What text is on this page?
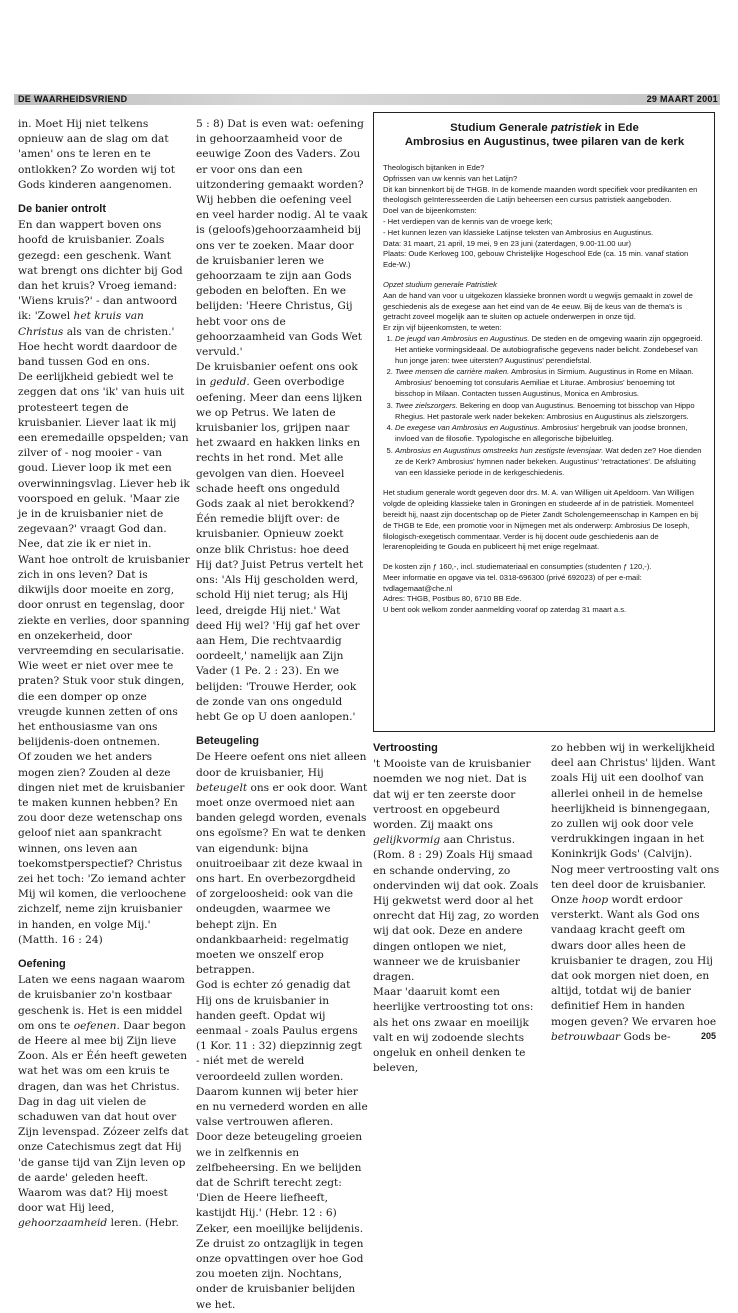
DE WAARHEIDSVRIEND	29 MAART 2001

in. Moet Hij niet telkens opnieuw aan de slag om dat 'amen' ons te leren en te ontlokken? Zo worden wij tot Gods kinderen aangenomen.

De banier ontrolt

En dan wappert boven ons hoofd de kruisbanier. Zoals gezegd: een geschenk. Want wat brengt ons dichter bij God dan het kruis? Vroeg iemand: 'Wiens kruis?' - dan antwoord ik: 'Zowel het kruis van Christus als van de christen.' Hoe hecht wordt daardoor de band tussen God en ons.

De eerlijkheid gebiedt wel te zeggen dat ons 'ik' van huis uit protesteert tegen de kruisbanier. Liever laat ik mij een eremedaille opspelden; van zilver of - nog mooier - van goud. Liever loop ik met een overwinningsvlag. Liever heb ik voorspoed en geluk. 'Maar zie je in de kruisbanier niet de zegevaan?' vraagt God dan. Nee, dat zie ik er niet in.

Want hoe ontrolt de kruisbanier zich in ons leven? Dat is dikwijls door moeite en zorg, door onrust en tegenslag, door ziekte en verlies, door spanning en onzekerheid, door vervreemding en secularisatie. Wie weet er niet over mee te praten? Stuk voor stuk dingen, die een domper op onze vreugde kunnen zetten of ons het enthousiasme van ons belijdenis-doen ontnemen.

Of zouden we het anders mogen zien? Zouden al deze dingen niet met de kruisbanier te maken kunnen hebben? En zou door deze wetenschap ons geloof niet aan spankracht winnen, ons leven aan toekomstperspectief? Christus zei het toch: 'Zo iemand achter Mij wil komen, die verloochene zichzelf, neme zijn kruisbanier in handen, en volge Mij.' (Matth. 16 : 24)

Oefening

Laten we eens nagaan waarom de kruisbanier zo'n kostbaar geschenk is. Het is een middel om ons te oefenen. Daar begon de Heere al mee bij Zijn lieve Zoon. Als er Één heeft geweten wat het was om een kruis te dragen, dan was het Christus. Dag in dag uit vielen de schaduwen van dat hout over Zijn levenspad. Zózeer zelfs dat onze Catechismus zegt dat Hij 'de ganse tijd van Zijn leven op de aarde' geleden heeft.

Waarom was dat? Hij moest door wat Hij leed, gehoorzaamheid leren. (Hebr.

5 : 8) Dat is even wat: oefening in gehoorzaamheid voor de eeuwige Zoon des Vaders. Zou er voor ons dan een uitzondering gemaakt worden? Wij hebben die oefening veel en veel harder nodig. Al te vaak is (geloofs)gehoorzaamheid bij ons ver te zoeken. Maar door de kruisbanier leren we gehoorzaam te zijn aan Gods geboden en beloften. En we belijden: 'Heere Christus, Gij hebt voor ons de gehoorzaamheid van Gods Wet vervuld.'

De kruisbanier oefent ons ook in geduld. Geen overbodige oefening. Meer dan eens lijken we op Petrus. We laten de kruisbanier los, grijpen naar het zwaard en hakken links en rechts in het rond. Met alle gevolgen van dien. Hoeveel schade heeft ons ongeduld Gods zaak al niet berokkend? Één remedie blijft over: de kruisbanier. Opnieuw zoekt onze blik Christus: hoe deed Hij dat? Juist Petrus vertelt het ons: 'Als Hij gescholden werd, schold Hij niet terug; als Hij leed, dreigde Hij niet.' Wat deed Hij wel? 'Hij gaf het over aan Hem, Die rechtvaardig oordeelt,' namelijk aan Zijn Vader (1 Pe. 2 : 23). En we belijden: 'Trouwe Herder, ook de zonde van ons ongeduld hebt Ge op U doen aanlopen.'

Beteugeling

De Heere oefent ons niet alleen door de kruisbanier, Hij beteugelt ons er ook door. Want moet onze overmoed niet aan banden gelegd worden, evenals ons egoïsme? En wat te denken van eigendunk: bijna onuitroeibaar zit deze kwaal in ons hart. En overbezorgdheid of zorgeloosheid: ook van die ondeugden, waarmee we behept zijn. En ondankbaarheid: regelmatig moeten we onszelf erop betrappen.

God is echter zó genadig dat Hij ons de kruisbanier in handen geeft. Opdat wij eenmaal - zoals Paulus ergens (1 Kor. 11 : 32) diepzinnig zegt - niét met de wereld veroordeeld zullen worden. Daarom kunnen wij beter hier en nu vernederd worden en alle valse vertrouwen afleren.

Door deze beteugeling groeien we in zelfkennis en zelfbeheersing. En we belijden dat de Schrift terecht zegt: 'Dien de Heere liefheeft, kastijdt Hij.' (Hebr. 12 : 6) Zeker, een moeilijke belijdenis. Ze druist zo ontzaglijk in tegen onze opvattingen over hoe God zou moeten zijn. Nochtans, onder de kruisbanier belijden we het.

Studium Generale patristiek in Ede
Ambrosius en Augustinus, twee pilaren van de kerk

Theologisch bijtanken in Ede?

Opfrissen van uw kennis van het Latijn?

Dit kan binnenkort bij de THGB. In de komende maanden wordt specifiek voor predikanten en theologisch geïnteresseerden die Latijn beheersen een cursus patristiek aangeboden.

Doel van de bijeenkomsten:

- Het verdiepen van de kennis van de vroege kerk;

- Het kunnen lezen van klassieke Latijnse teksten van Ambrosius en Augustinus.

Data: 31 maart, 21 april, 19 mei, 9 en 23 juni (zaterdagen, 9.00-11.00 uur)

Plaats: Oude Kerkweg 100, gebouw Christelijke Hogeschool Ede (ca. 15 min. vanaf station Ede-W.)

Opzet studium generale Patristiek

Aan de hand van voor u uitgekozen klassieke bronnen wordt u wegwijs gemaakt in zowel de geschiedenis als de exegese aan het eind van de 4e eeuw. Bij de keus van de thema's is getracht zoveel mogelijk aan te sluiten op actuele onderwerpen in onze tijd.

Er zijn vijf bijeenkomsten, te weten:

1. De jeugd van Ambrosius en Augustinus. De steden en de omgeving waarin zijn opgegroeid. Het antieke vormingsideaal. De autobiografische gegevens nader belicht. Zondebesef van hun jonge jaren: twee uitersten? Augustinus' perendiefstal.
2. Twee mensen die carrière maken. Ambrosius in Sirmium. Augustinus in Rome en Milaan. Ambrosius' benoeming tot consularis Aemiliae et Liturae. Ambrosius' benoeming tot bisschop in Milaan. Contacten tussen Augustinus, Monica en Ambrosius.
3. Twee zielszorgers. Bekering en doop van Augustinus. Benoeming tot bisschop van Hippo Rhegius. Het pastorale werk nader bekeken: Ambrosius en Augustinus als zielszorgers.
4. De exegese van Ambrosius en Augustinus. Ambrosius' hergebruik van joodse bronnen, invloed van de filosofie. Typologische en allegorische bijbeluitleg.
5. Ambrosius en Augustinus omstreeks hun zestigste levensjaar. Wat deden ze? Hoe dienden ze de Kerk? Ambrosius' hymnen nader bekeken. Augustinus' 'retractationes'. De afsluiting van een klassieke periode in de kerkgeschiedenis.

Het studium generale wordt gegeven door drs. M. A. van Willigen uit Apeldoorn. Van Willigen volgde de opleiding klassieke talen in Groningen en studeerde af in de patristiek. Momenteel bereidt hij, naast zijn docentschap op de Pieter Zandt Scholengemeenschap in Kampen en bij de THGB te Ede, een promotie voor in Nijmegen met als onderwerp: Ambrosius De Ioseph, filologisch-exegetisch commentaar. Verder is hij docent oude geschiedenis aan de lerarenopleiding te Gouda en publiceert hij met enige regelmaat.

De kosten zijn ƒ 160,-, incl. studiemateriaal en consumpties (studenten ƒ 120,-).

Meer informatie en opgave via tel. 0318-696300 (privé 692023) of per e-mail:

tvdlagemaat@che.nl

Adres: THGB, Postbus 80, 6710 BB Ede.

U bent ook welkom zonder aanmelding vooraf op zaterdag 31 maart a.s.

Vertroosting

't Mooiste van de kruisbanier noemden we nog niet. Dat is dat wij er ten zeerste door vertroost en opgebeurd worden. Zij maakt ons gelijkvormig aan Christus. (Rom. 8 : 29) Zoals Hij smaad en schande onderving, zo ondervinden wij dat ook. Zoals Hij gekwetst werd door al het onrecht dat Hij zag, zo worden wij dat ook. Deze en andere dingen ontlopen we niet, wanneer we de kruisbanier dragen.

Maar 'daaruit komt een heerlijke vertroosting tot ons: als het ons zwaar en moeilijk valt en wij zodoende slechts ongeluk en onheil denken te beleven,

zo hebben wij in werkelijkheid deel aan Christus' lijden. Want zoals Hij uit een doolhof van allerlei onheil in de hemelse heerlijkheid is binnengegaan, zo zullen wij ook door vele verdrukkingen ingaan in het Koninkrijk Gods' (Calvijn).

Nog meer vertroosting valt ons ten deel door de kruisbanier. Onze hoop wordt erdoor versterkt. Want als God ons vandaag kracht geeft om dwars door alles heen de kruisbanier te dragen, zou Hij dat ook morgen niet doen, en altijd, totdat wij de banier definitief Hem in handen mogen geven? We ervaren hoe betrouwbaar Gods be-	205
